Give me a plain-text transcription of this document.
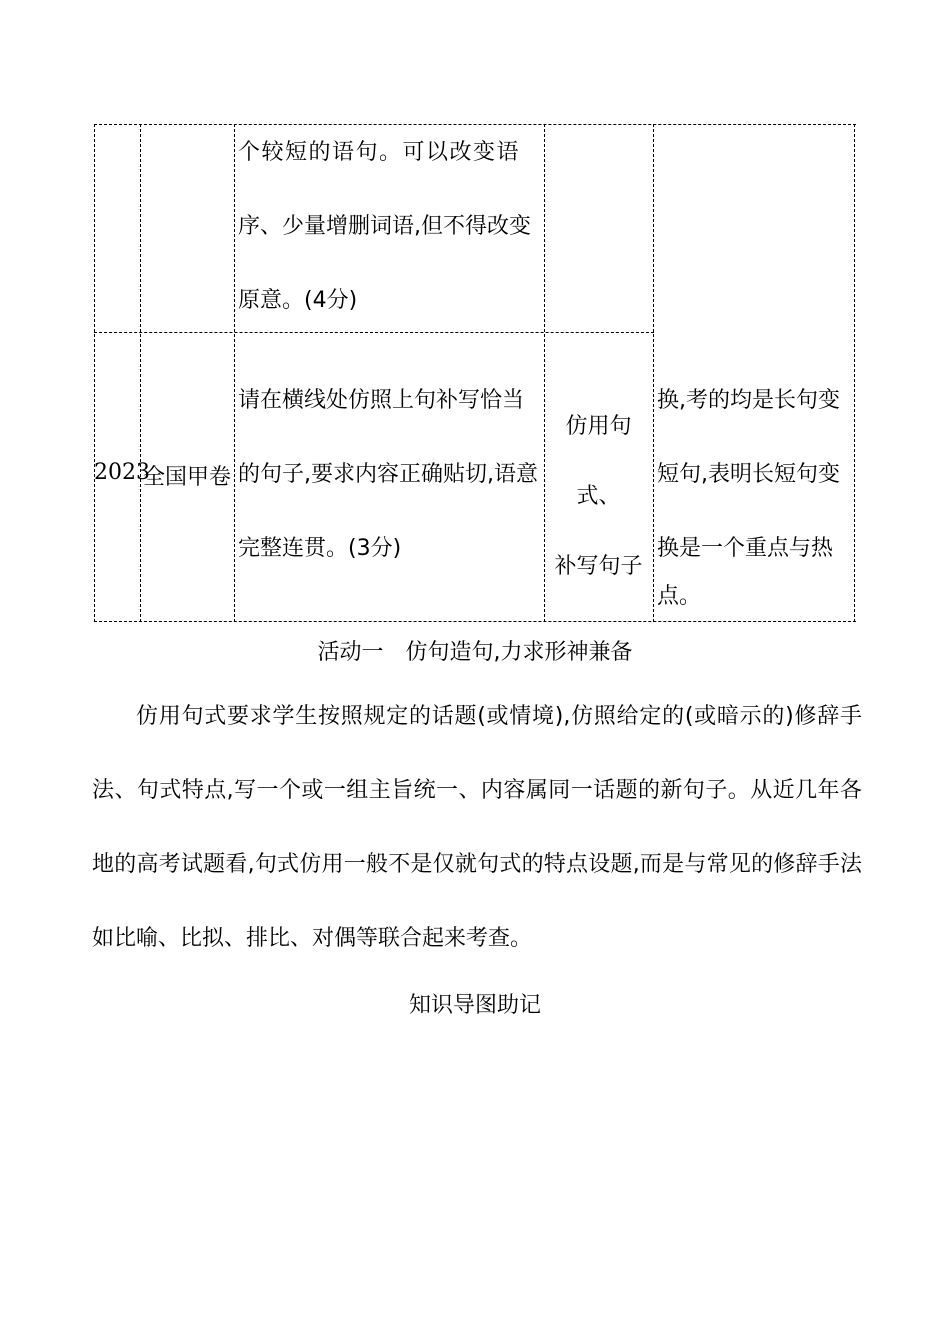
个较短的语句。可以改变语
序、少量增删词语,但不得改变
原意。(4分)
2023
全国甲卷
请在横线处仿照上句补写恰当
的句子,要求内容正确贴切,语意
完整连贯。(3分)
仿用句
式、
补写句子
换,考的均是长句变
短句,表明长短句变
换是一个重点与热
点。
活动一　仿句造句,力求形神兼备

仿用句式要求学生按照规定的话题(或情境),仿照给定的(或暗示的)修辞手法、句式特点,写一个或一组主旨统一、内容属同一话题的新句子。从近几年各地的高考试题看,句式仿用一般不是仅就句式的特点设题,而是与常见的修辞手法如比喻、比拟、排比、对偶等联合起来考查。

知识导图助记
